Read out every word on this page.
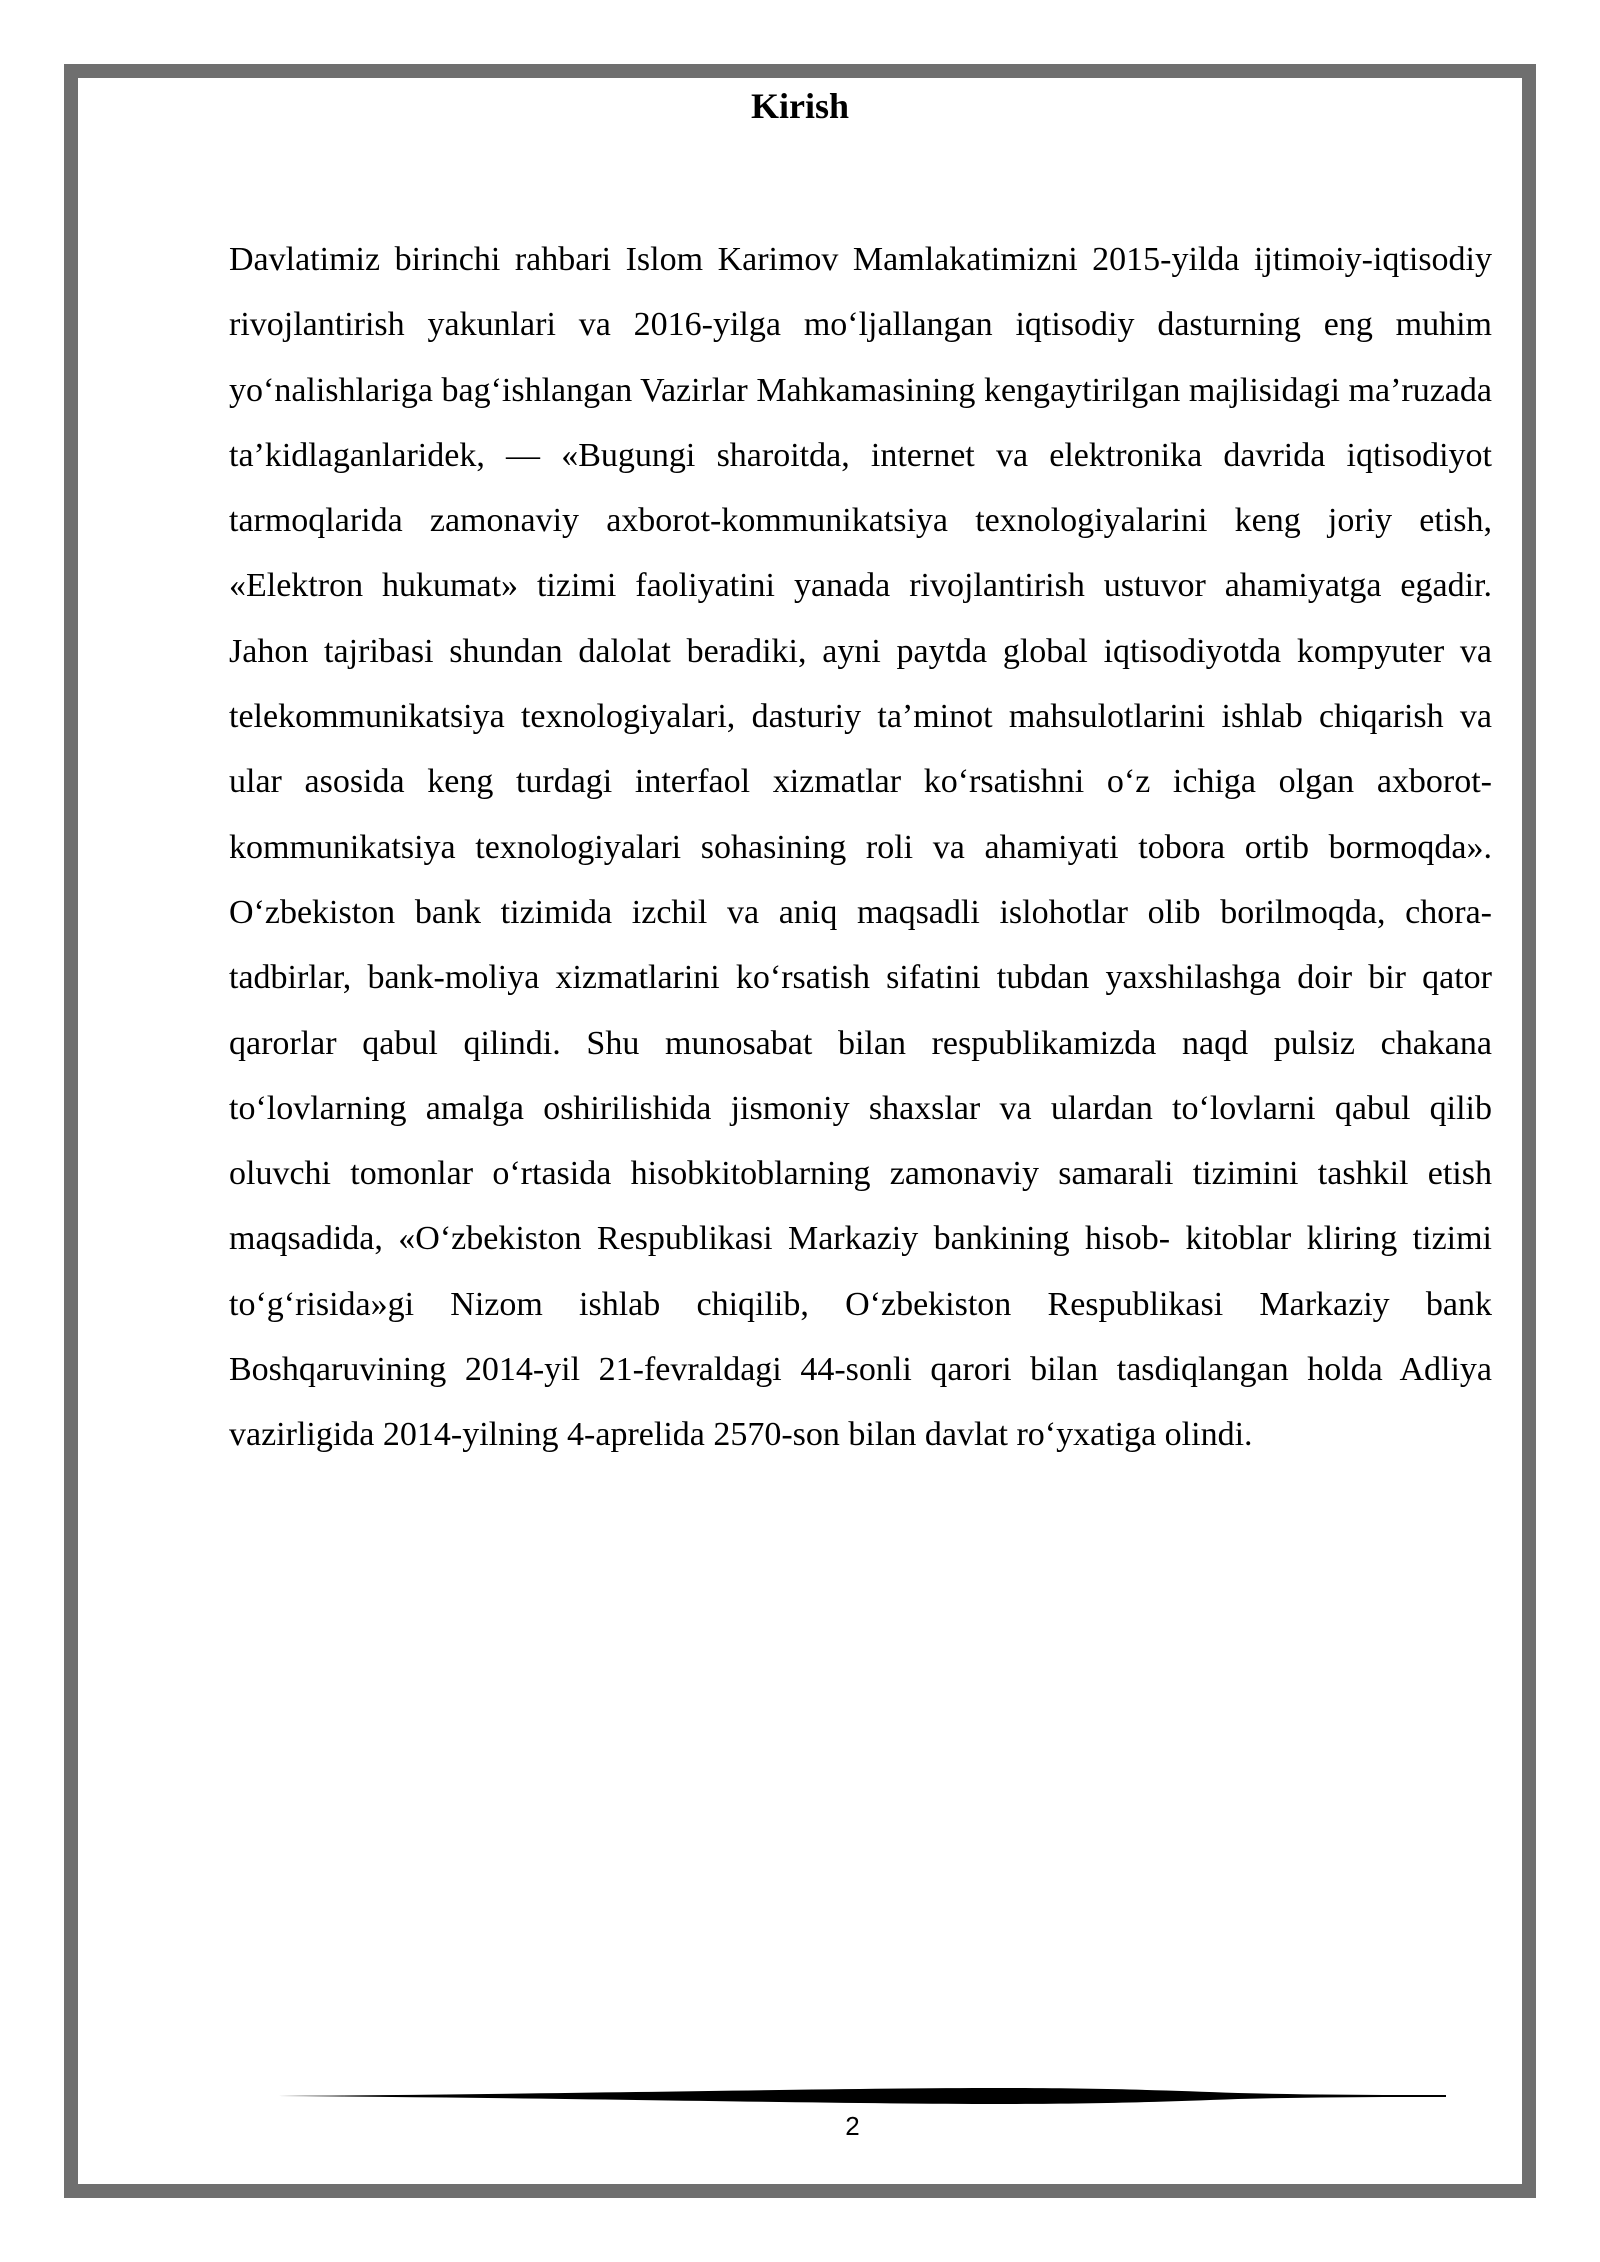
Kirish

Davlatimiz birinchi rahbari Islom Karimov Mamlakatimizni 2015-yilda ijtimoiy-iqtisodiy rivojlantirish yakunlari va 2016-yilga mo‘ljallangan iqtisodiy dasturning eng muhim yo‘nalishlariga bag‘ishlangan Vazirlar Mahkamasining kengaytirilgan majlisidagi ma’ruzada ta’kidlaganlaridek, — «Bugungi sharoitda, internet va elektronika davrida iqtisodiyot tarmoqlarida zamonaviy axborot-kommunikatsiya texnologiyalarini keng joriy etish, «Elektron hukumat» tizimi faoliyatini yanada rivojlantirish ustuvor ahamiyatga egadir. Jahon tajribasi shundan dalolat beradiki, ayni paytda global iqtisodiyotda kompyuter va telekommunikatsiya texnologiyalari, dasturiy ta’minot mahsulotlarini ishlab chiqarish va ular asosida keng turdagi interfaol xizmatlar ko‘rsatishni o‘z ichiga olgan axborot-kommunikatsiya texnologiyalari sohasining roli va ahamiyati tobora ortib bormoqda». O‘zbekiston bank tizimida izchil va aniq maqsadli islohotlar olib borilmoqda, chora-tadbirlar, bank-moliya xizmatlarini ko‘rsatish sifatini tubdan yaxshilashga doir bir qator qarorlar qabul qilindi. Shu munosabat bilan respublikamizda naqd pulsiz chakana to‘lovlarning amalga oshirilishida jismoniy shaxslar va ulardan to‘lovlarni qabul qilib oluvchi tomonlar o‘rtasida hisobkitoblarning zamonaviy samarali tizimini tashkil etish maqsadida, «O‘zbekiston Respublikasi Markaziy bankining hisob- kitoblar kliring tizimi to‘g‘risida»gi Nizom ishlab chiqilib, O‘zbekiston Respublikasi Markaziy bank Boshqaruvining 2014-yil 21-fevraldagi 44-sonli qarori bilan tasdiqlangan holda Adliya vazirligida 2014-yilning 4-aprelida 2570-son bilan davlat ro‘yxatiga olindi.

2
